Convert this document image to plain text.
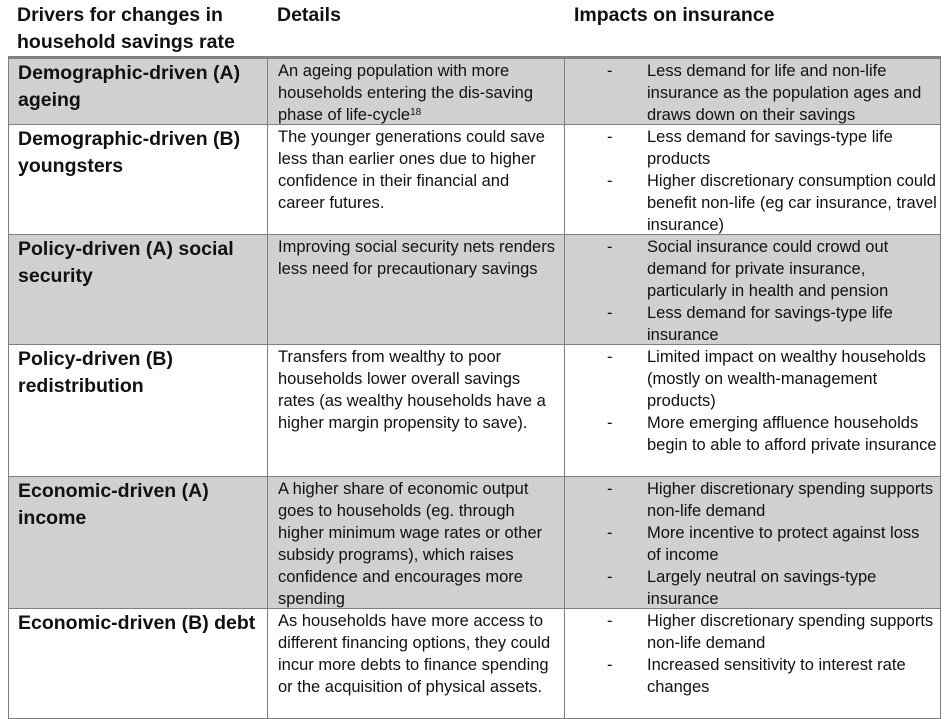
Drivers for changes in household savings rate
Details	Impacts on insurance
Demographic-driven (A) ageing
An ageing population with more households entering the dis-saving phase of life-cycle$^{18}$
- Less demand for life and non-life insurance as the population ages and draws down on their savings
Demographic-driven (B) youngsters
The younger generations could save less than earlier ones due to higher confidence in their financial and career futures.
- Less demand for savings-type life products
- Higher discretionary consumption could benefit non-life (eg car insurance, travel insurance)
Policy-driven (A) social security
Improving social security nets renders less need for precautionary savings
- Social insurance could crowd out demand for private insurance, particularly in health and pension
- Less demand for savings-type life insurance
Policy-driven (B) redistribution
Transfers from wealthy to poor households lower overall savings rates (as wealthy households have a higher margin propensity to save).
- Limited impact on wealthy households (mostly on wealth-management products)
- More emerging affluence households begin to able to afford private insurance
Economic-driven (A) income
A higher share of economic output goes to households (eg. through higher minimum wage rates or other subsidy programs), which raises confidence and encourages more spending
- Higher discretionary spending supports non-life demand
- More incentive to protect against loss of income
- Largely neutral on savings-type insurance
Economic-driven (B) debt	As households have more access to different financing options, they could incur more debts to finance spending or the acquisition of physical assets.
- Higher discretionary spending supports non-life demand
- Increased sensitivity to interest rate changes
